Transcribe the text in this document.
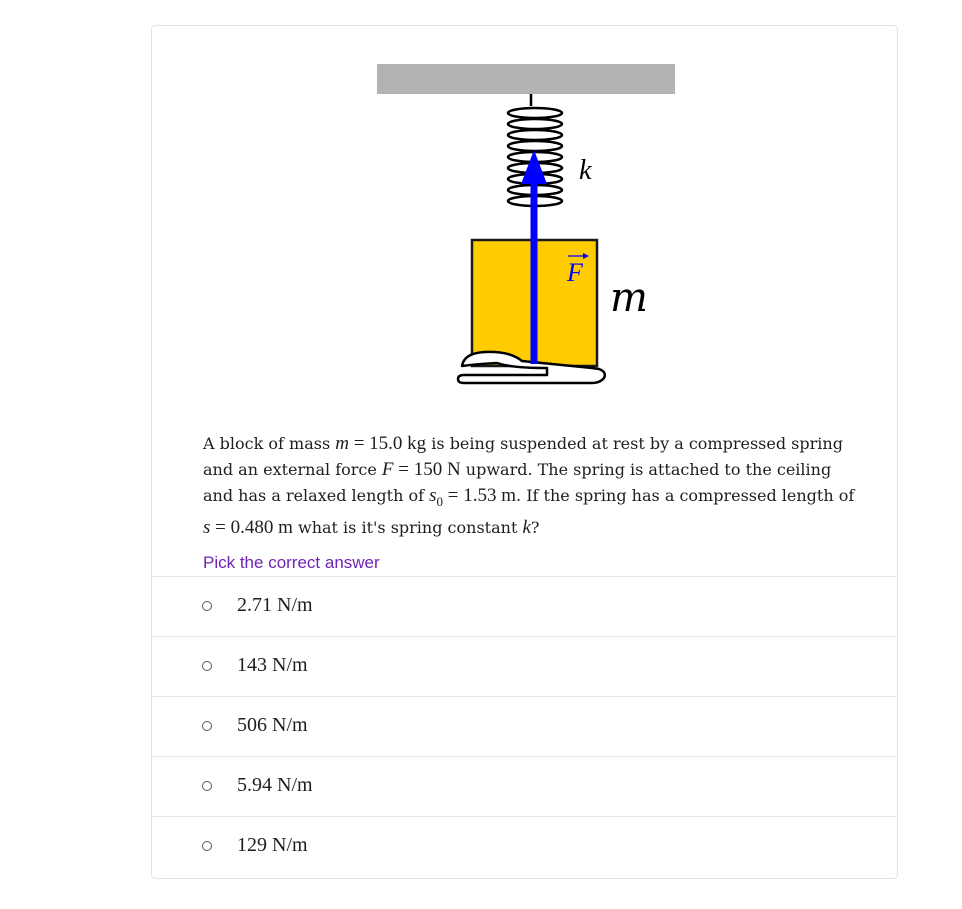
k
F
m
A block of mass m = 15.0 kg is being suspended at rest by a compressed spring and an external force F = 150 N upward. The spring is attached to the ceiling and has a relaxed length of $s_0 = 1.53$ m. If the spring has a compressed length of s = 0.480 m what is it's spring constant k?
Pick the correct answer
2.71 N/m
143 N/m
506 N/m
5.94 N/m
129 N/m
